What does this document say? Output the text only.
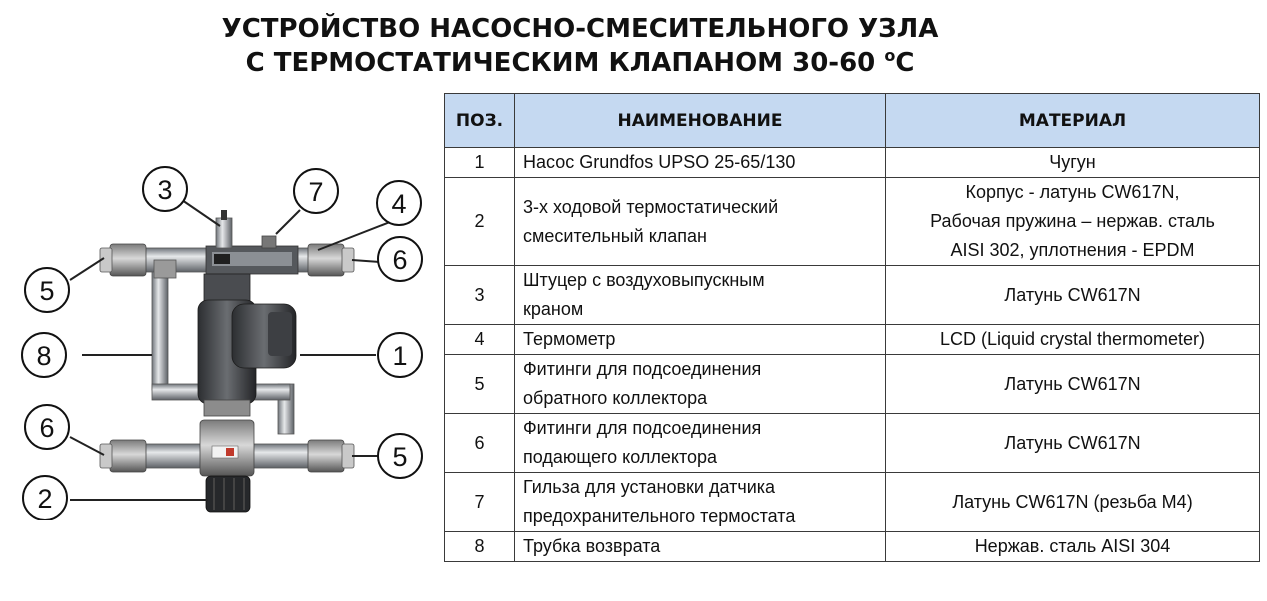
УСТРОЙСТВО НАСОСНО-СМЕСИТЕЛЬНОГО УЗЛА
С ТЕРМОСТАТИЧЕСКИМ КЛАПАНОМ 30-60 $^о$С
3	7	4
5
6
8	1
6
5
2
ПОЗ.	НАИМЕНОВАНИЕ	МАТЕРИАЛ
1	Насос Grundfos UPSO 25-65/130	Чугун

2	3-х ходовой термостатический
смесительный клапан	Корпус - латунь CW617N,
Рабочая пружина – нержав. сталь
AISI 302, уплотнения - EPDM

3	Штуцер с воздуховыпускным
краном	Латунь CW617N

4	Термометр	LCD (Liquid crystal thermometer)

5	Фитинги для подсоединения
обратного коллектора	Латунь CW617N

6	Фитинги для подсоединения
подающего коллектора	Латунь CW617N

7	Гильза для установки датчика
предохранительного термостата	Латунь CW617N (резьба М4)

8	Трубка возврата	Нержав. сталь AISI 304
